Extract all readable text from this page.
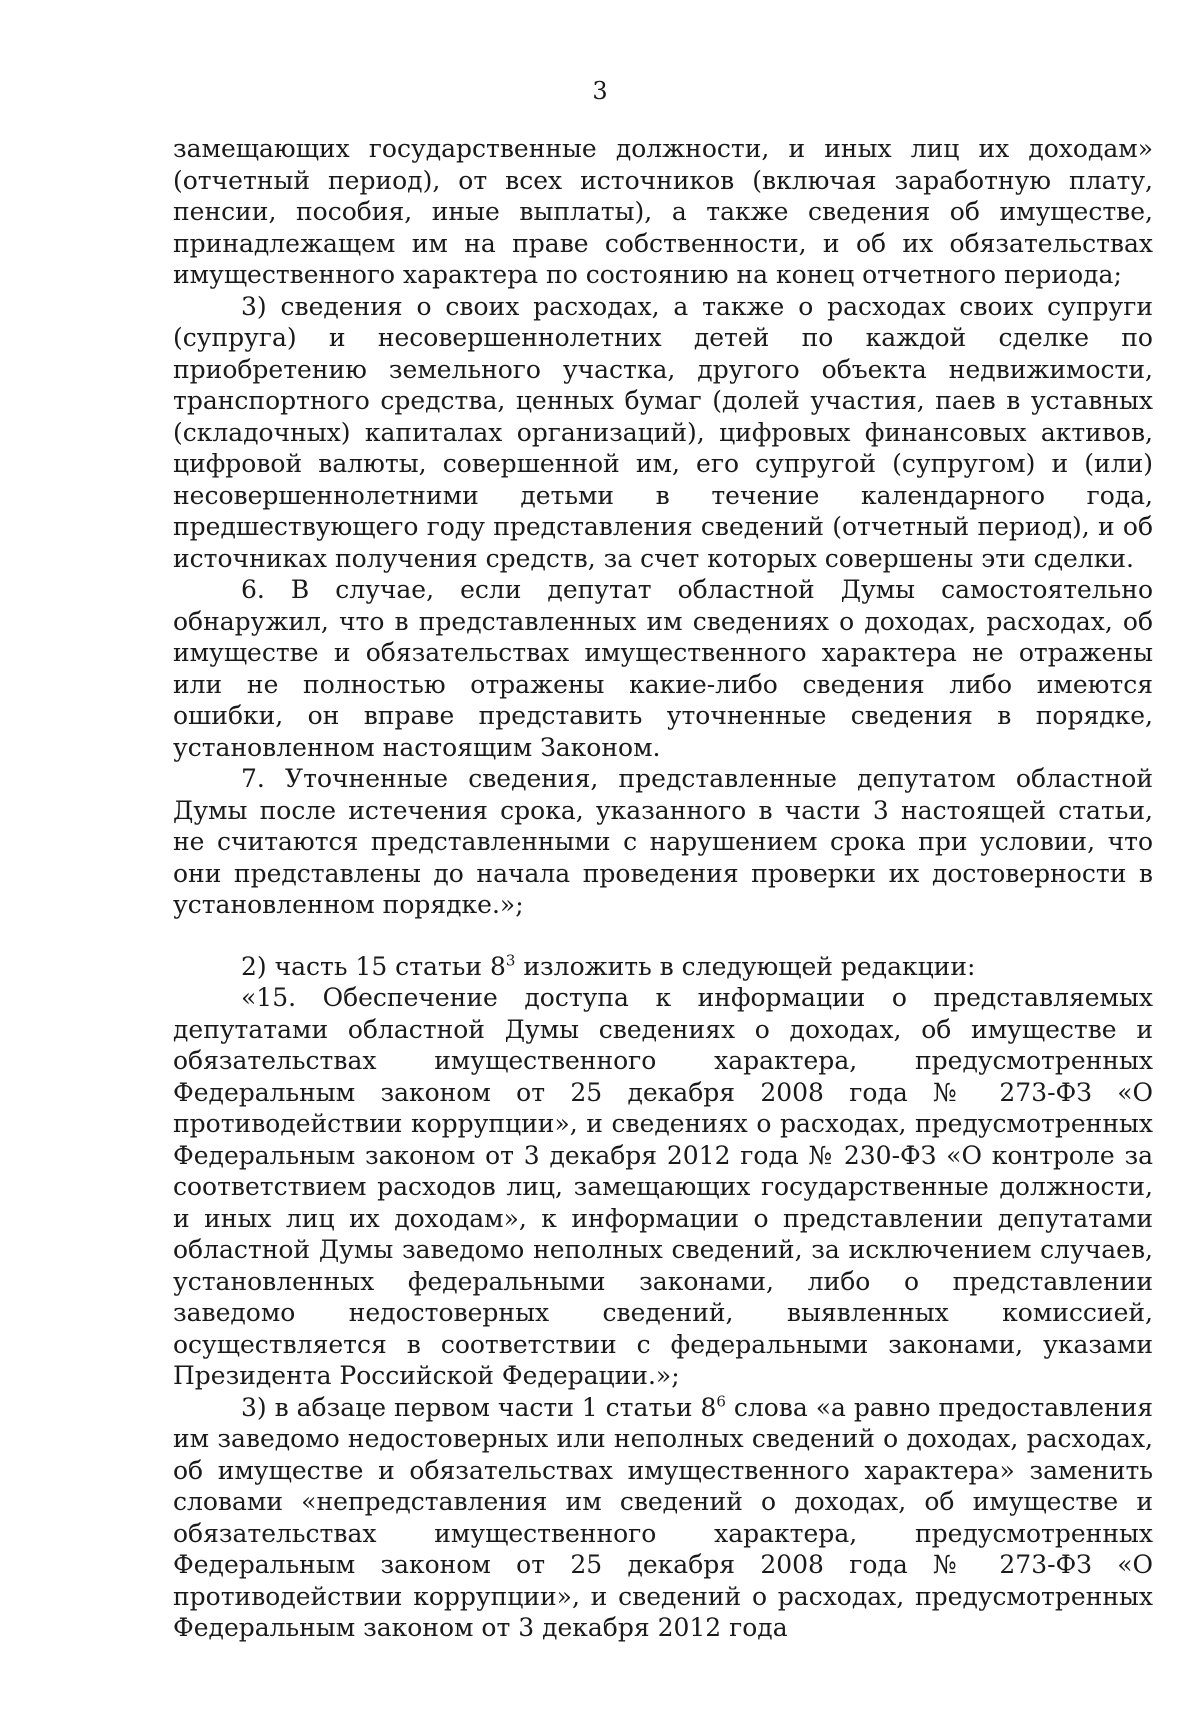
3

замещающих государственные должности, и иных лиц их доходам» (отчетный период), от всех источников (включая заработную плату, пенсии, пособия, иные выплаты), а также сведения об имуществе, принадлежащем им на праве собственности, и об их обязательствах имущественного характера по состоянию на конец отчетного периода;

3) сведения о своих расходах, а также о расходах своих супруги (супруга) и несовершеннолетних детей по каждой сделке по приобретению земельного участка, другого объекта недвижимости, транспортного средства, ценных бумаг (долей участия, паев в уставных (складочных) капиталах организаций), цифровых финансовых активов, цифровой валюты, совершенной им, его супругой (супругом) и (или) несовершеннолетними детьми в течение календарного года, предшествующего году представления сведений (отчетный период), и об источниках получения средств, за счет которых совершены эти сделки.

6. В случае, если депутат областной Думы самостоятельно обнаружил, что в представленных им сведениях о доходах, расходах, об имуществе и обязательствах имущественного характера не отражены или не полностью отражены какие-либо сведения либо имеются ошибки, он вправе представить уточненные сведения в порядке, установленном настоящим Законом.

7. Уточненные сведения, представленные депутатом областной Думы после истечения срока, указанного в части 3 настоящей статьи, не считаются представленными с нарушением срока при условии, что они представлены до начала проведения проверки их достоверности в установленном порядке.»;

2) часть 15 статьи $8^3$ изложить в следующей редакции:

«15. Обеспечение доступа к информации о представляемых депутатами областной Думы сведениях о доходах, об имуществе и обязательствах имущественного характера, предусмотренных Федеральным законом от 25 декабря 2008 года № 273-ФЗ «О противодействии коррупции», и сведениях о расходах, предусмотренных Федеральным законом от 3 декабря 2012 года № 230-ФЗ «О контроле за соответствием расходов лиц, замещающих государственные должности, и иных лиц их доходам», к информации о представлении депутатами областной Думы заведомо неполных сведений, за исключением случаев, установленных федеральными законами, либо о представлении заведомо недостоверных сведений, выявленных комиссией, осуществляется в соответствии с федеральными законами, указами Президента Российской Федерации.»;

3) в абзаце первом части 1 статьи $8^6$ слова «а равно предоставления им заведомо недостоверных или неполных сведений о доходах, расходах, об имуществе и обязательствах имущественного характера» заменить словами «непредставления им сведений о доходах, об имуществе и обязательствах имущественного характера, предусмотренных Федеральным законом от 25 декабря 2008 года № 273-ФЗ «О противодействии коррупции», и сведений о расходах, предусмотренных Федеральным законом от 3 декабря 2012 года
